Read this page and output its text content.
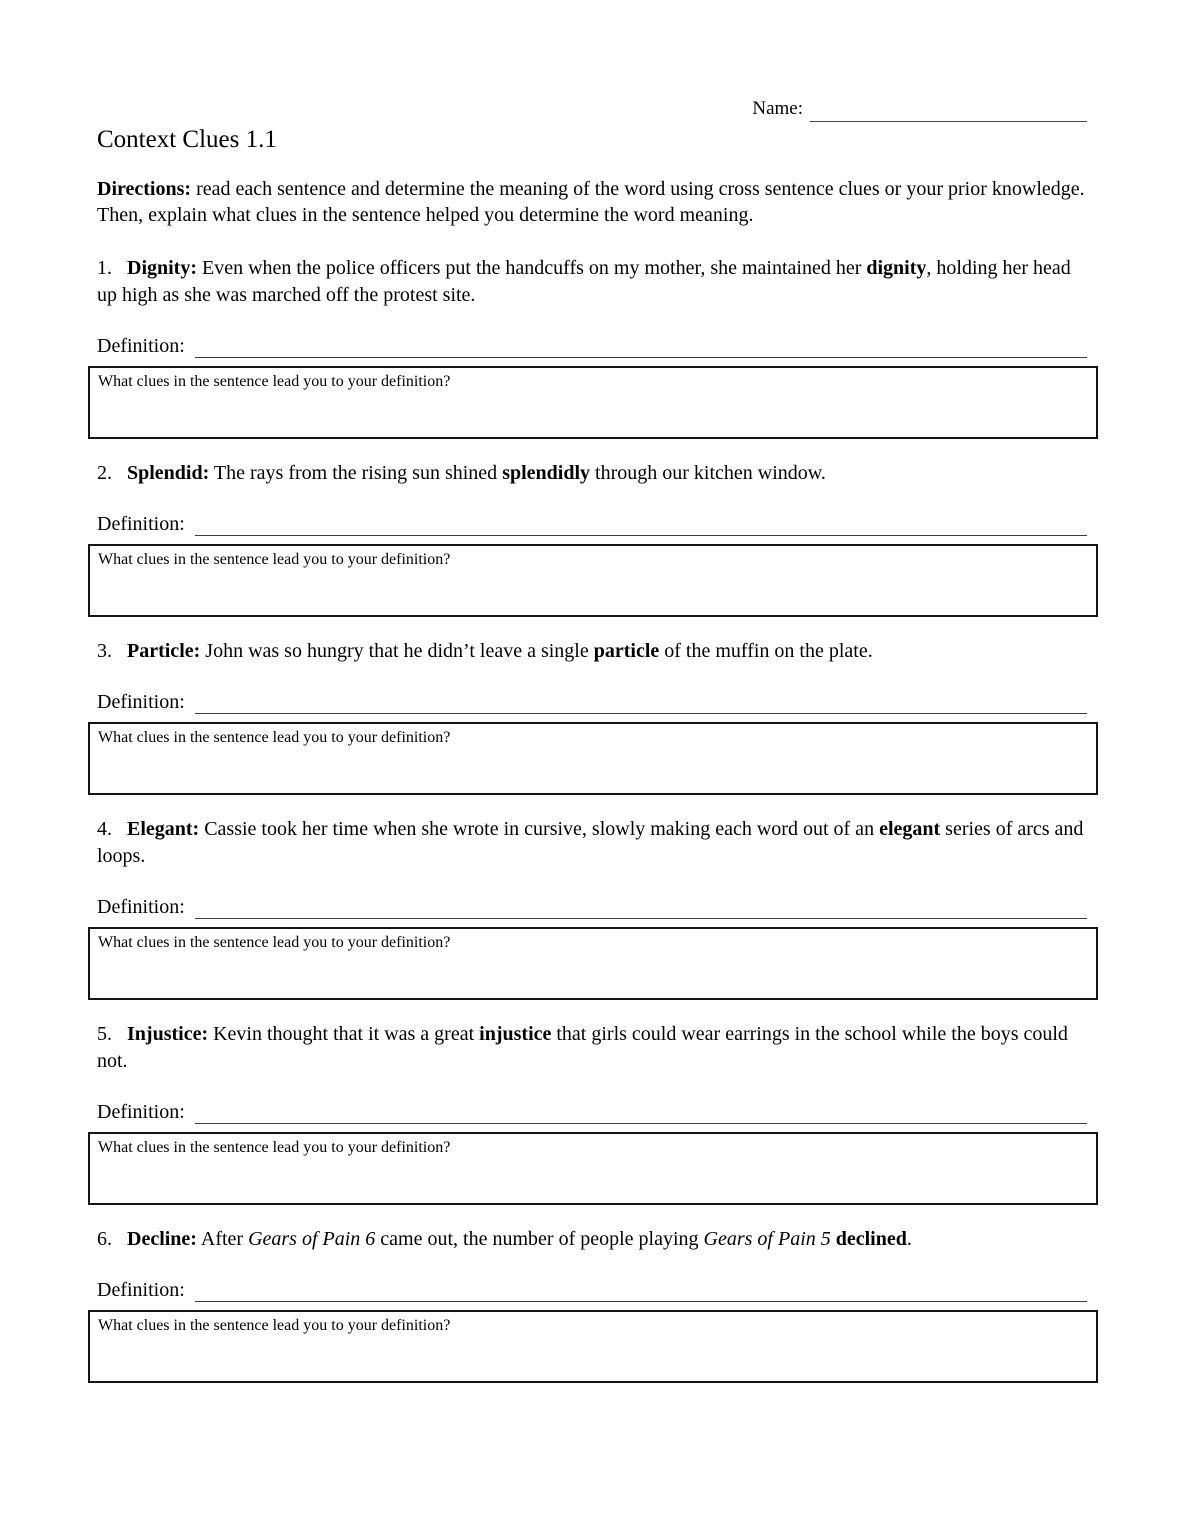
Name:
Context Clues 1.1

Directions: read each sentence and determine the meaning of the word using cross sentence clues or your prior knowledge.  Then, explain what clues in the sentence helped you determine the word meaning.

1. Dignity: Even when the police officers put the handcuffs on my mother, she maintained her dignity, holding her head up high as she was marched off the protest site.

Definition:
What clues in the sentence lead you to your definition?

2. Splendid: The rays from the rising sun shined splendidly through our kitchen window.

Definition:
What clues in the sentence lead you to your definition?

3. Particle: John was so hungry that he didn’t leave a single particle of the muffin on the plate.

Definition:
What clues in the sentence lead you to your definition?

4. Elegant: Cassie took her time when she wrote in cursive, slowly making each word out of an elegant series of arcs and loops.

Definition:
What clues in the sentence lead you to your definition?

5. Injustice: Kevin thought that it was a great injustice that girls could wear earrings in the school while the boys could not.

Definition:
What clues in the sentence lead you to your definition?

6. Decline: After Gears of Pain 6 came out, the number of people playing Gears of Pain 5 declined.

Definition:
What clues in the sentence lead you to your definition?
